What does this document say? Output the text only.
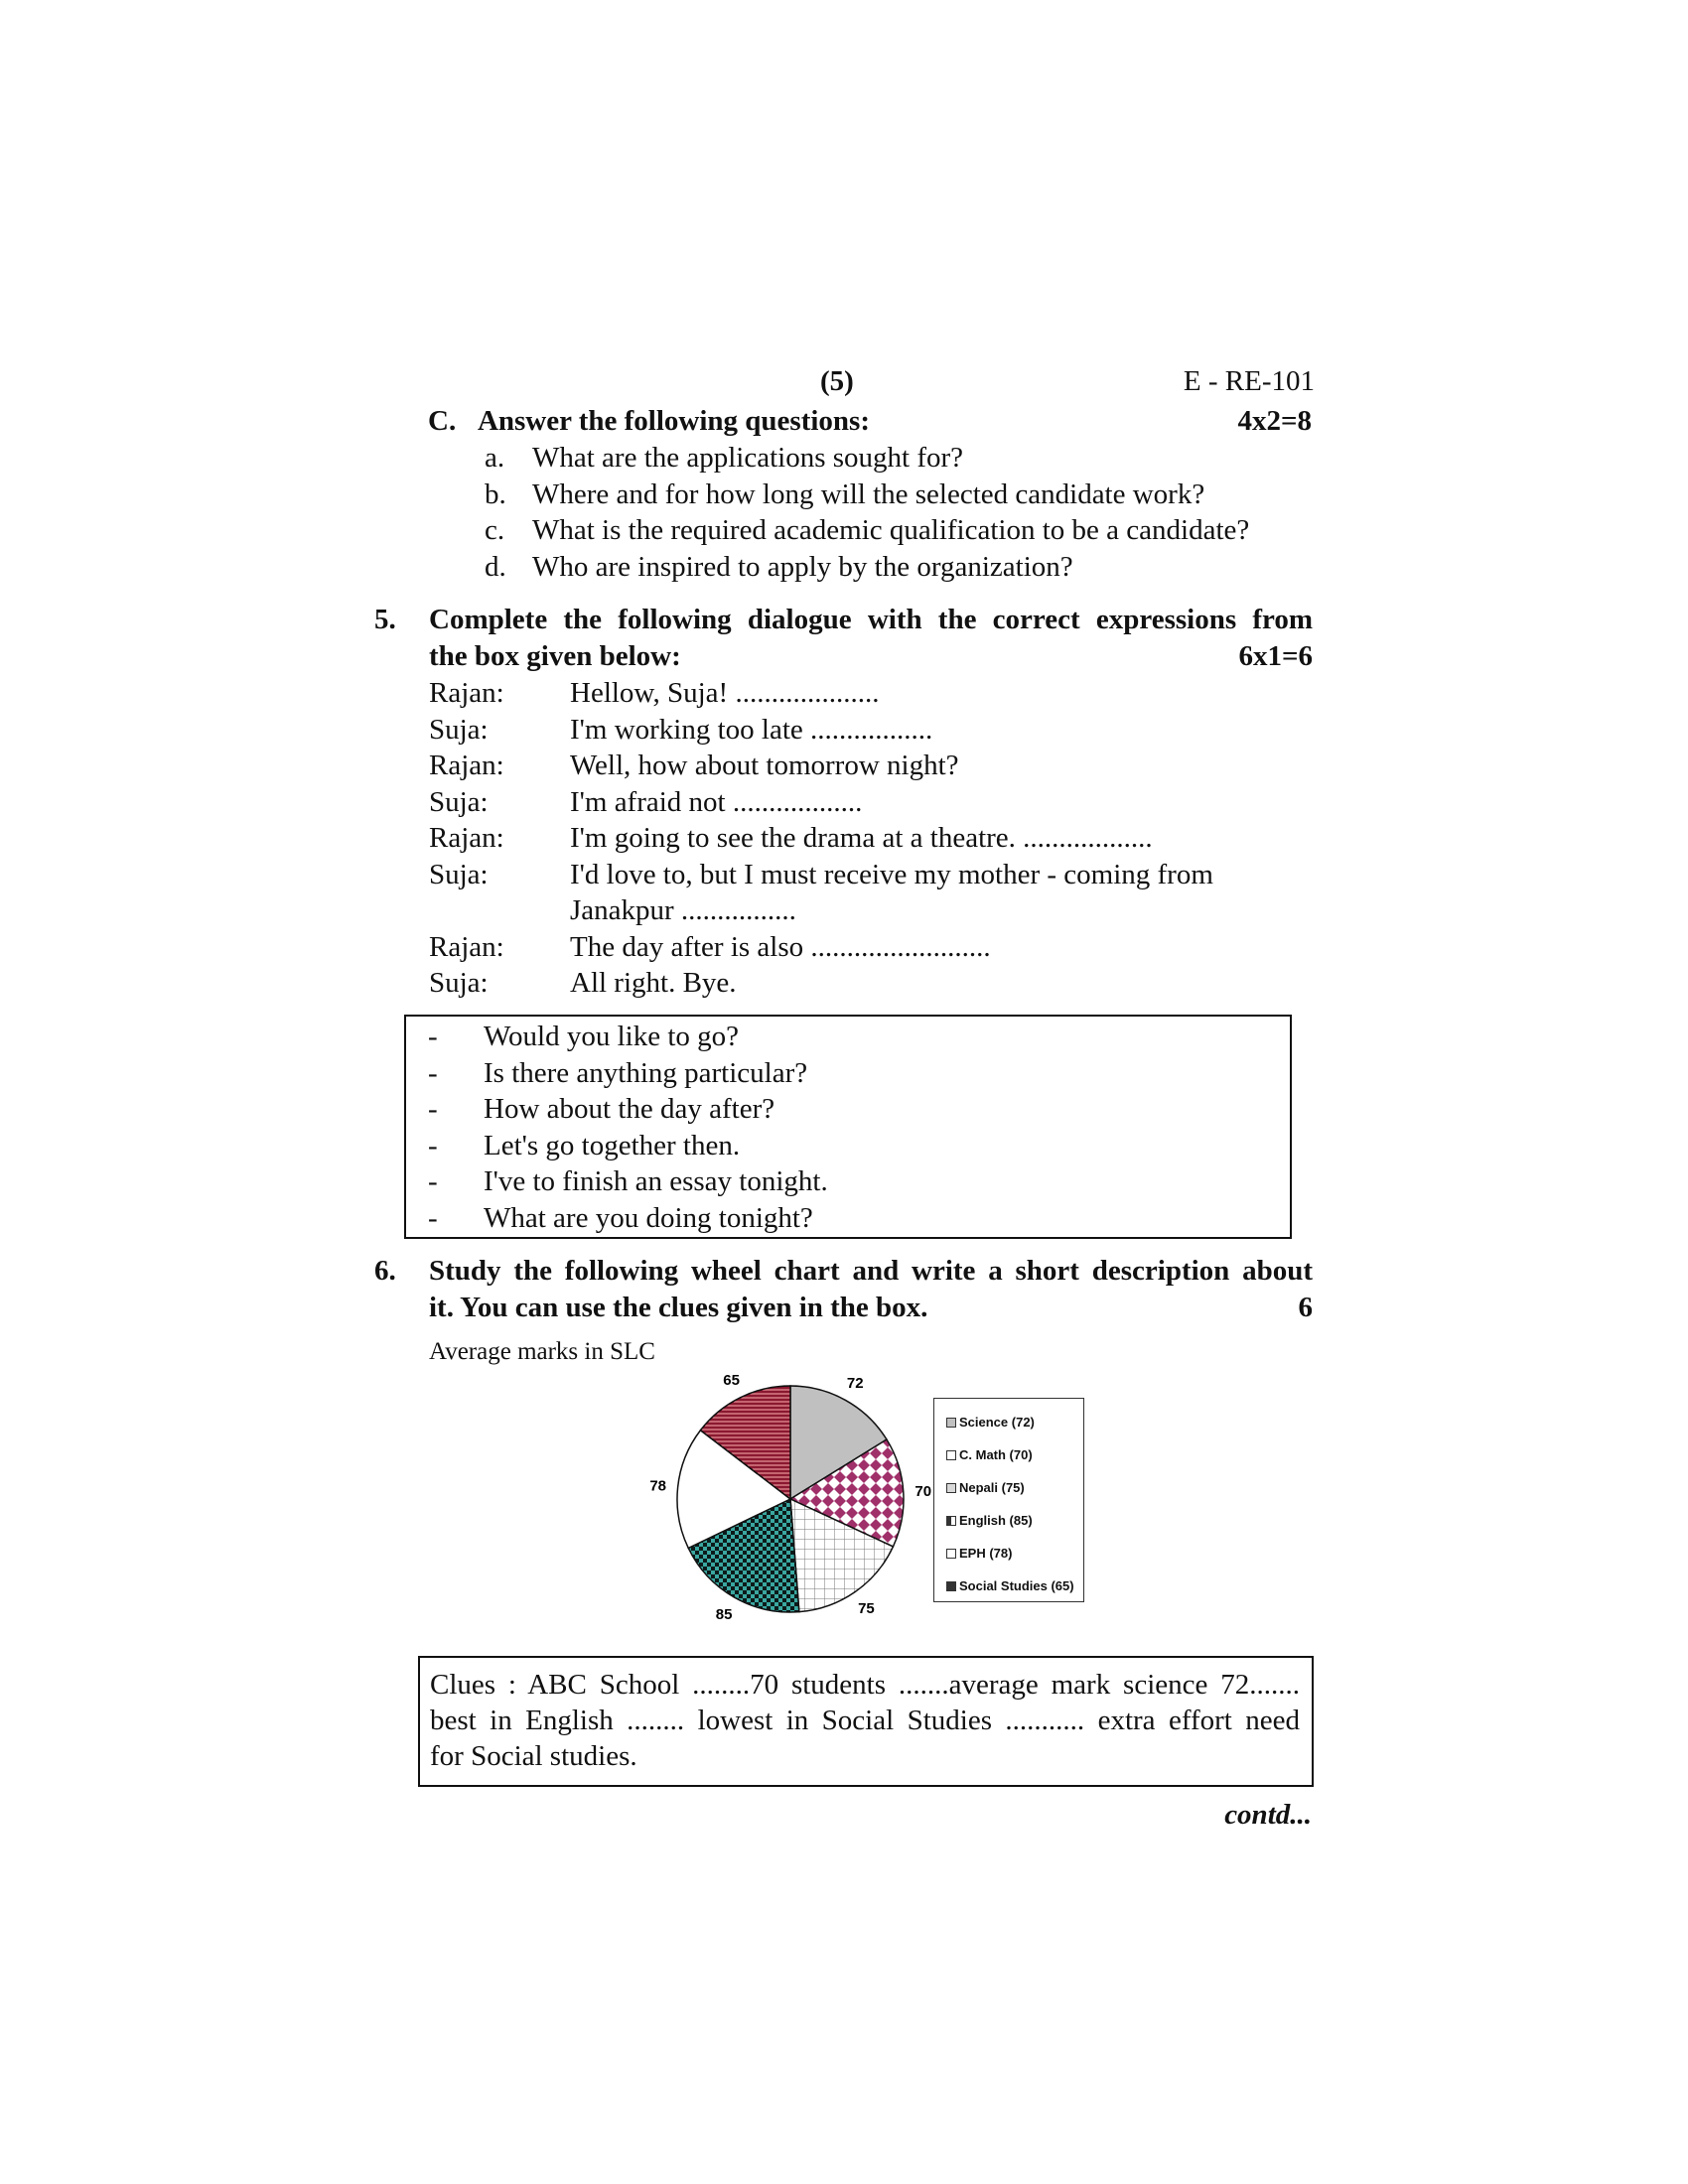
(5)	E - RE-101
C. Answer the following questions:	4x2=8
a. What are the applications sought for?
b. Where and for how long will the selected candidate work?
c. What is the required academic qualification to be a candidate?
d. Who are inspired to apply by the organization?
5. Complete the following dialogue with the correct expressions from
the box given below:	6x1=6
Rajan:	Hellow, Suja! ....................
Suja:	I'm working too late .................
Rajan:	Well, how about tomorrow night?
Suja:	I'm afraid not ..................
Rajan:	I'm going to see the drama at a theatre. ..................
Suja:	I'd love to, but I must receive my mother - coming from
Janakpur ................
Rajan:	The day after is also .........................
Suja:	All right. Bye.
-	Would you like to go?
-	Is there anything particular?
-	How about the day after?
-	Let's go together then.
-	I've to finish an essay tonight.
-	What are you doing tonight?
6. Study the following wheel chart and write a short description about
it. You can use the clues given in the box.	6
Average marks in SLC
72
70
75
85
78
65
Science (72)
C. Math (70)
Nepali (75)
English (85)
EPH (78)
Social Studies (65)
Clues : ABC School ........70 students .......average mark science 72.......
best in English ........ lowest in Social Studies ........... extra effort need
for Social studies.
contd...
